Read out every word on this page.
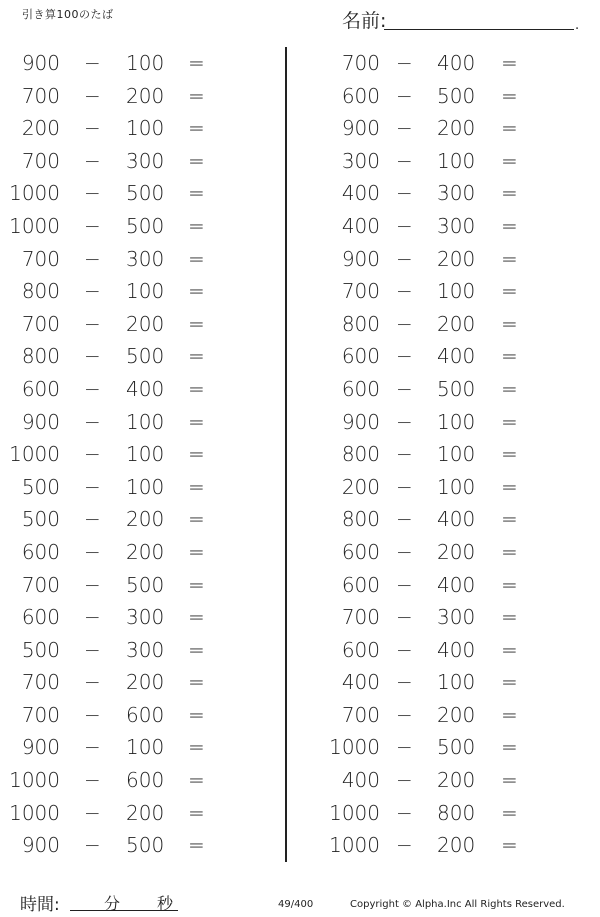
引き算100のたば	名前:	.
900 − 100 =
700 − 200 =
200 − 100 =
700 − 300 =
1000 − 500 =
1000 − 500 =
700 − 300 =
800 − 100 =
700 − 200 =
800 − 500 =
600 − 400 =
900 − 100 =
1000 − 100 =
500 − 100 =
500 − 200 =
600 − 200 =
700 − 500 =
600 − 300 =
500 − 300 =
700 − 200 =
700 − 600 =
900 − 100 =
1000 − 600 =
1000 − 200 =
900 − 500 =
700 − 400 =
600 − 500 =
900 − 200 =
300 − 100 =
400 − 300 =
400 − 300 =
900 − 200 =
700 − 100 =
800 − 200 =
600 − 400 =
600 − 500 =
900 − 100 =
800 − 100 =
200 − 100 =
800 − 400 =
600 − 200 =
600 − 400 =
700 − 300 =
600 − 400 =
400 − 100 =
700 − 200 =
1000 − 500 =
400 − 200 =
1000 − 800 =
1000 − 200 =
時間:	分 秒	49/400	Copyright © Alpha.Inc All Rights Reserved.
